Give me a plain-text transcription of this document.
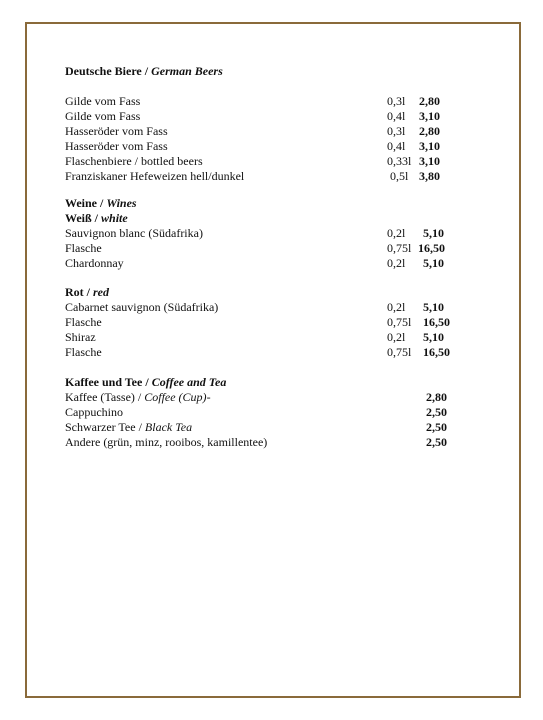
Deutsche Biere / German Beers
Gilde vom Fass	0,3l 2,80
Gilde vom Fass	0,4l 3,10
Hasseröder vom Fass	0,3l 2,80
Hasseröder vom Fass	0,4l 3,10
Flaschenbiere / bottled beers	0,33l 3,10
Franziskaner Hefeweizen hell/dunkel	0,5l 3,80
Weine / Wines
Weiß / white
Sauvignon blanc (Südafrika)	0,2l 5,10
Flasche	0,75l 16,50
Chardonnay	0,2l 5,10
Rot / red
Cabarnet sauvignon (Südafrika)	0,2l 5,10
Flasche	0,75l 16,50
Shiraz	0,2l 5,10
Flasche	0,75l 16,50
Kaffee und Tee / Coffee and Tea
Kaffee (Tasse) / Coffee (Cup)-	2,80
Cappuchino	2,50
Schwarzer Tee / Black Tea	2,50
Andere (grün, minz, rooibos, kamillentee)	2,50
